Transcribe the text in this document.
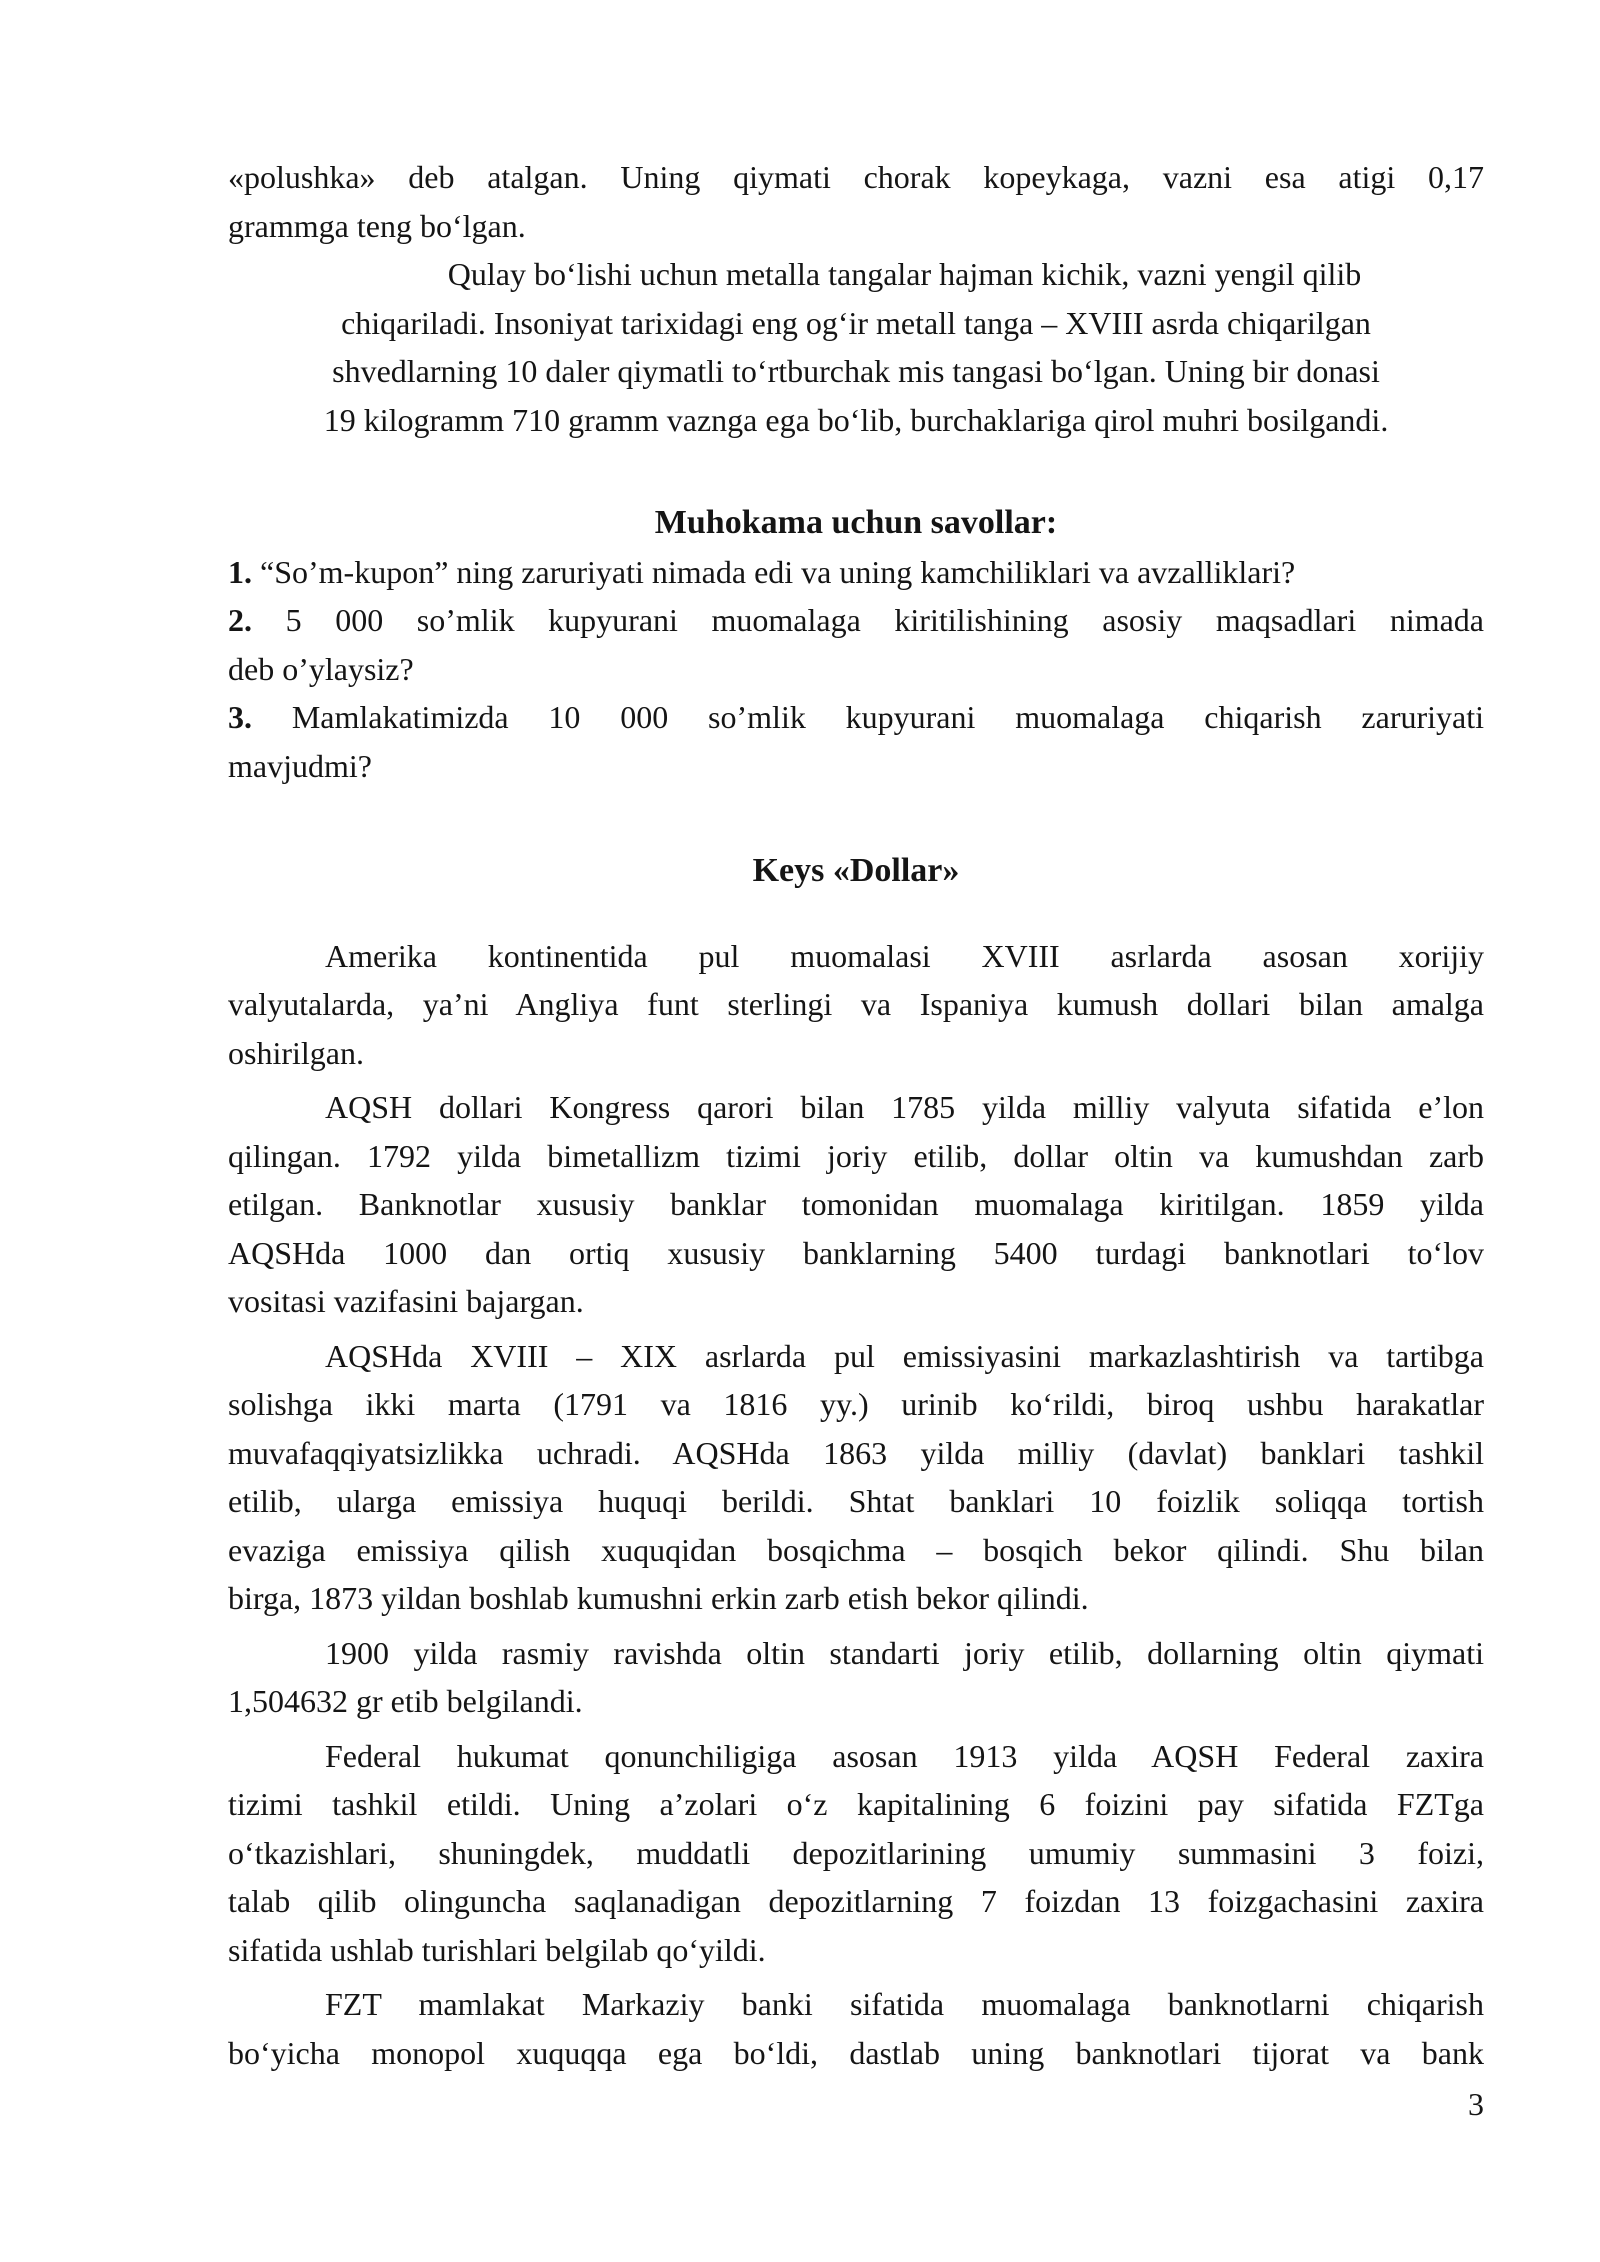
«polushka» deb atalgan. Uning qiymati chorak kopeykaga, vazni esa atigi 0,17
grammga teng bo‘lgan.
Qulay bo‘lishi uchun metalla tangalar hajman kichik, vazni yengil qilib
chiqariladi. Insoniyat tarixidagi eng og‘ir metall tanga – XVIII asrda chiqarilgan
shvedlarning 10 daler qiymatli to‘rtburchak mis tangasi bo‘lgan. Uning bir donasi
19 kilogramm 710 gramm vaznga ega bo‘lib, burchaklariga qirol muhri bosilgandi.
Muhokama uchun savollar:
1. “So’m-kupon” ning zaruriyati nimada edi va uning kamchiliklari va avzalliklari?
2. 5 000 so’mlik kupyurani muomalaga kiritilishining asosiy maqsadlari nimada
deb o’ylaysiz?
3. Mamlakatimizda 10 000 so’mlik kupyurani muomalaga chiqarish zaruriyati
mavjudmi?
Keys «Dollar»
Amerika kontinentida pul muomalasi XVIII asrlarda asosan xorijiy
valyutalarda, ya’ni Angliya funt sterlingi va Ispaniya kumush dollari bilan amalga
oshirilgan.
AQSH dollari Kongress qarori bilan 1785 yilda milliy valyuta sifatida e’lon
qilingan. 1792 yilda bimetallizm tizimi joriy etilib, dollar oltin va kumushdan zarb
etilgan. Banknotlar xususiy banklar tomonidan muomalaga kiritilgan. 1859 yilda
AQSHda 1000 dan ortiq xususiy banklarning 5400 turdagi banknotlari to‘lov
vositasi vazifasini bajargan.
AQSHda XVIII – XIX asrlarda pul emissiyasini markazlashtirish va tartibga
solishga ikki marta (1791 va 1816 yy.) urinib ko‘rildi, biroq ushbu harakatlar
muvafaqqiyatsizlikka uchradi. AQSHda 1863 yilda milliy (davlat) banklari tashkil
etilib, ularga emissiya huquqi berildi. Shtat banklari 10 foizlik soliqqa tortish
evaziga emissiya qilish xuquqidan bosqichma – bosqich bekor qilindi. Shu bilan
birga, 1873 yildan boshlab kumushni erkin zarb etish bekor qilindi.
1900 yilda rasmiy ravishda oltin standarti joriy etilib, dollarning oltin qiymati
1,504632 gr etib belgilandi.
Federal hukumat qonunchiligiga asosan 1913 yilda AQSH Federal zaxira
tizimi tashkil etildi. Uning a’zolari o‘z kapitalining 6 foizini pay sifatida FZTga
o‘tkazishlari, shuningdek, muddatli depozitlarining umumiy summasini 3 foizi,
talab qilib olinguncha saqlanadigan depozitlarning 7 foizdan 13 foizgachasini zaxira
sifatida ushlab turishlari belgilab qo‘yildi.
FZT mamlakat Markaziy banki sifatida muomalaga banknotlarni chiqarish
bo‘yicha monopol xuquqqa ega bo‘ldi, dastlab uning banknotlari tijorat va bank
3
